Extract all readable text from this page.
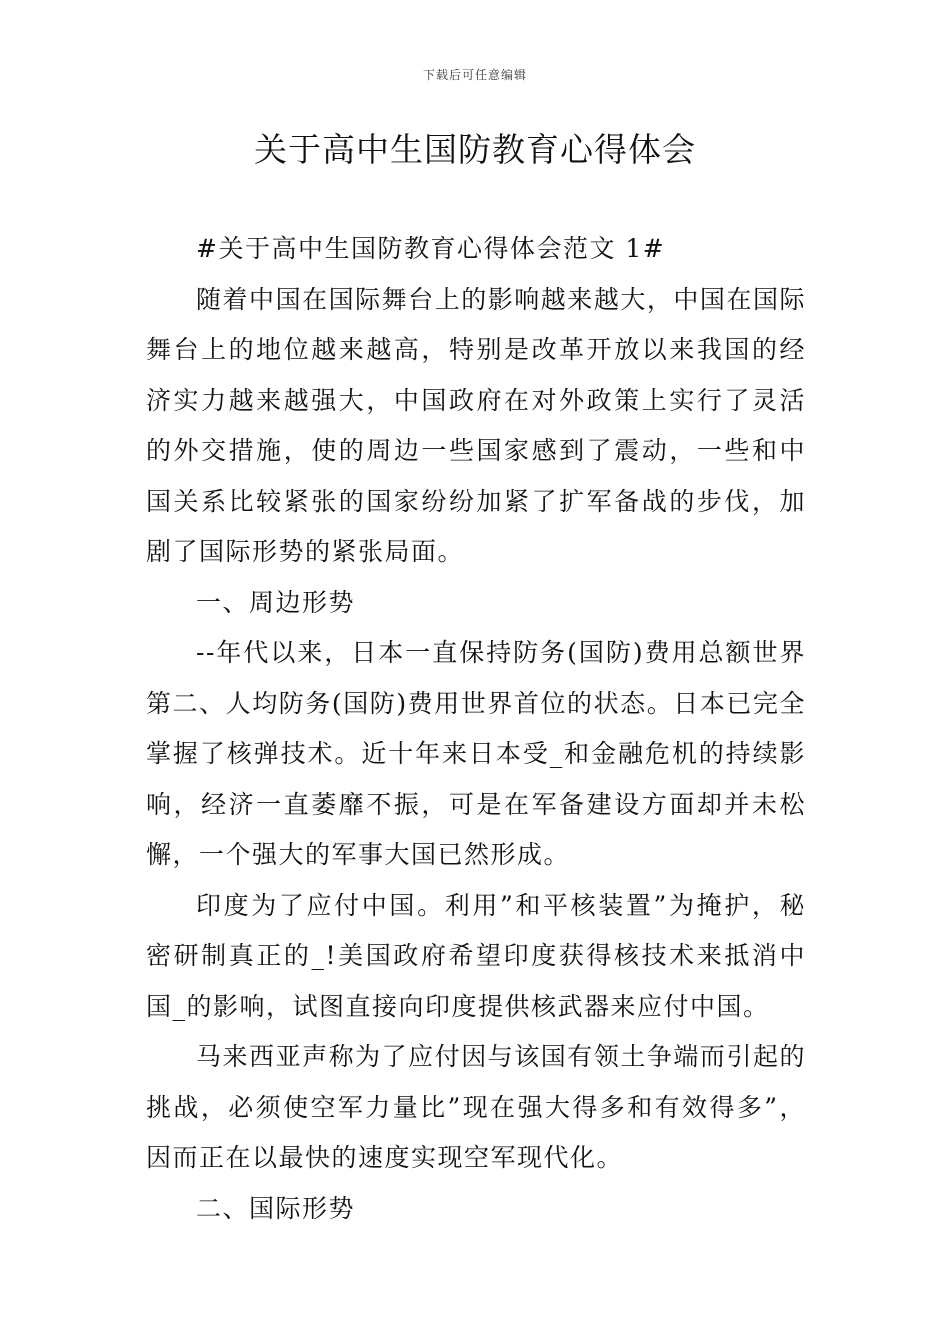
下载后可任意编辑
关于高中生国防教育心得体会

#关于高中生国防教育心得体会范文 1#

随着中国在国际舞台上的影响越来越大，中国在国际舞台上的地位越来越高，特别是改革开放以来我国的经济实力越来越强大，中国政府在对外政策上实行了灵活的外交措施，使的周边一些国家感到了震动，一些和中国关系比较紧张的国家纷纷加紧了扩军备战的步伐，加剧了国际形势的紧张局面。

一、周边形势

--年代以来，日本一直保持防务(国防)费用总额世界第二、人均防务(国防)费用世界首位的状态。日本已完全掌握了核弹技术。近十年来日本受_和金融危机的持续影响，经济一直萎靡不振，可是在军备建设方面却并未松懈，一个强大的军事大国已然形成。

印度为了应付中国。利用”和平核装置”为掩护，秘密研制真正的_!美国政府希望印度获得核技术来抵消中国_的影响，试图直接向印度提供核武器来应付中国。

马来西亚声称为了应付因与该国有领土争端而引起的挑战，必须使空军力量比”现在强大得多和有效得多”，因而正在以最快的速度实现空军现代化。

二、国际形势
